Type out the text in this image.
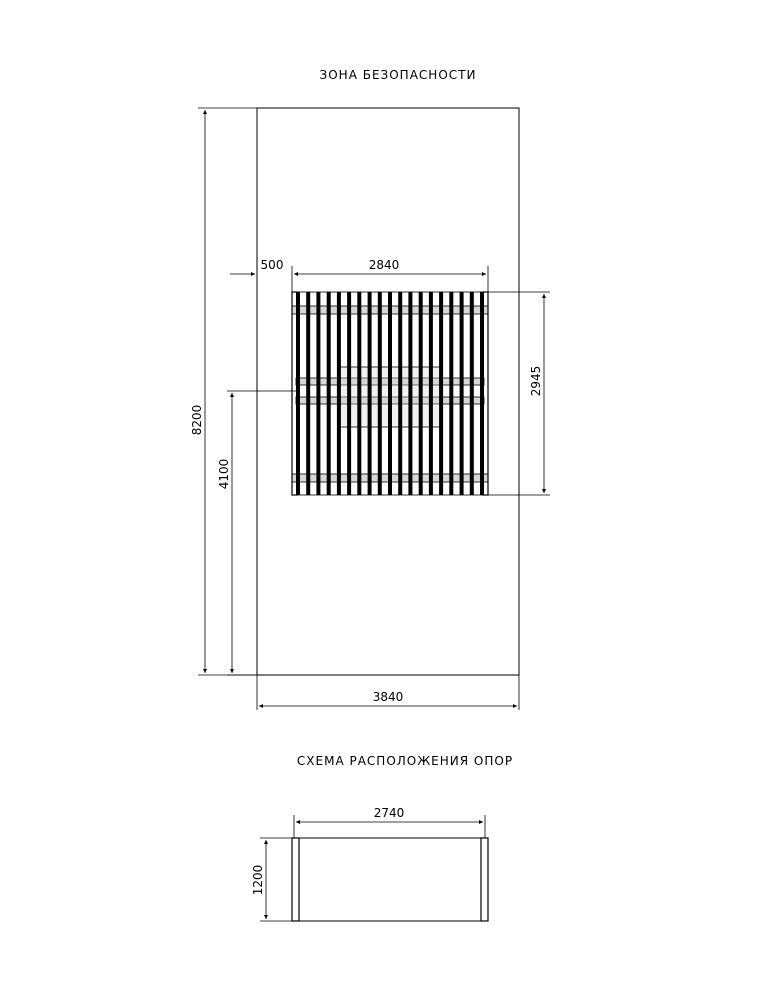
ЗОНА БЕЗОПАСНОСТИ
8200
4100
3840
500	2840
2945
СХЕМА РАСПОЛОЖЕНИЯ ОПОР
2740
1200
